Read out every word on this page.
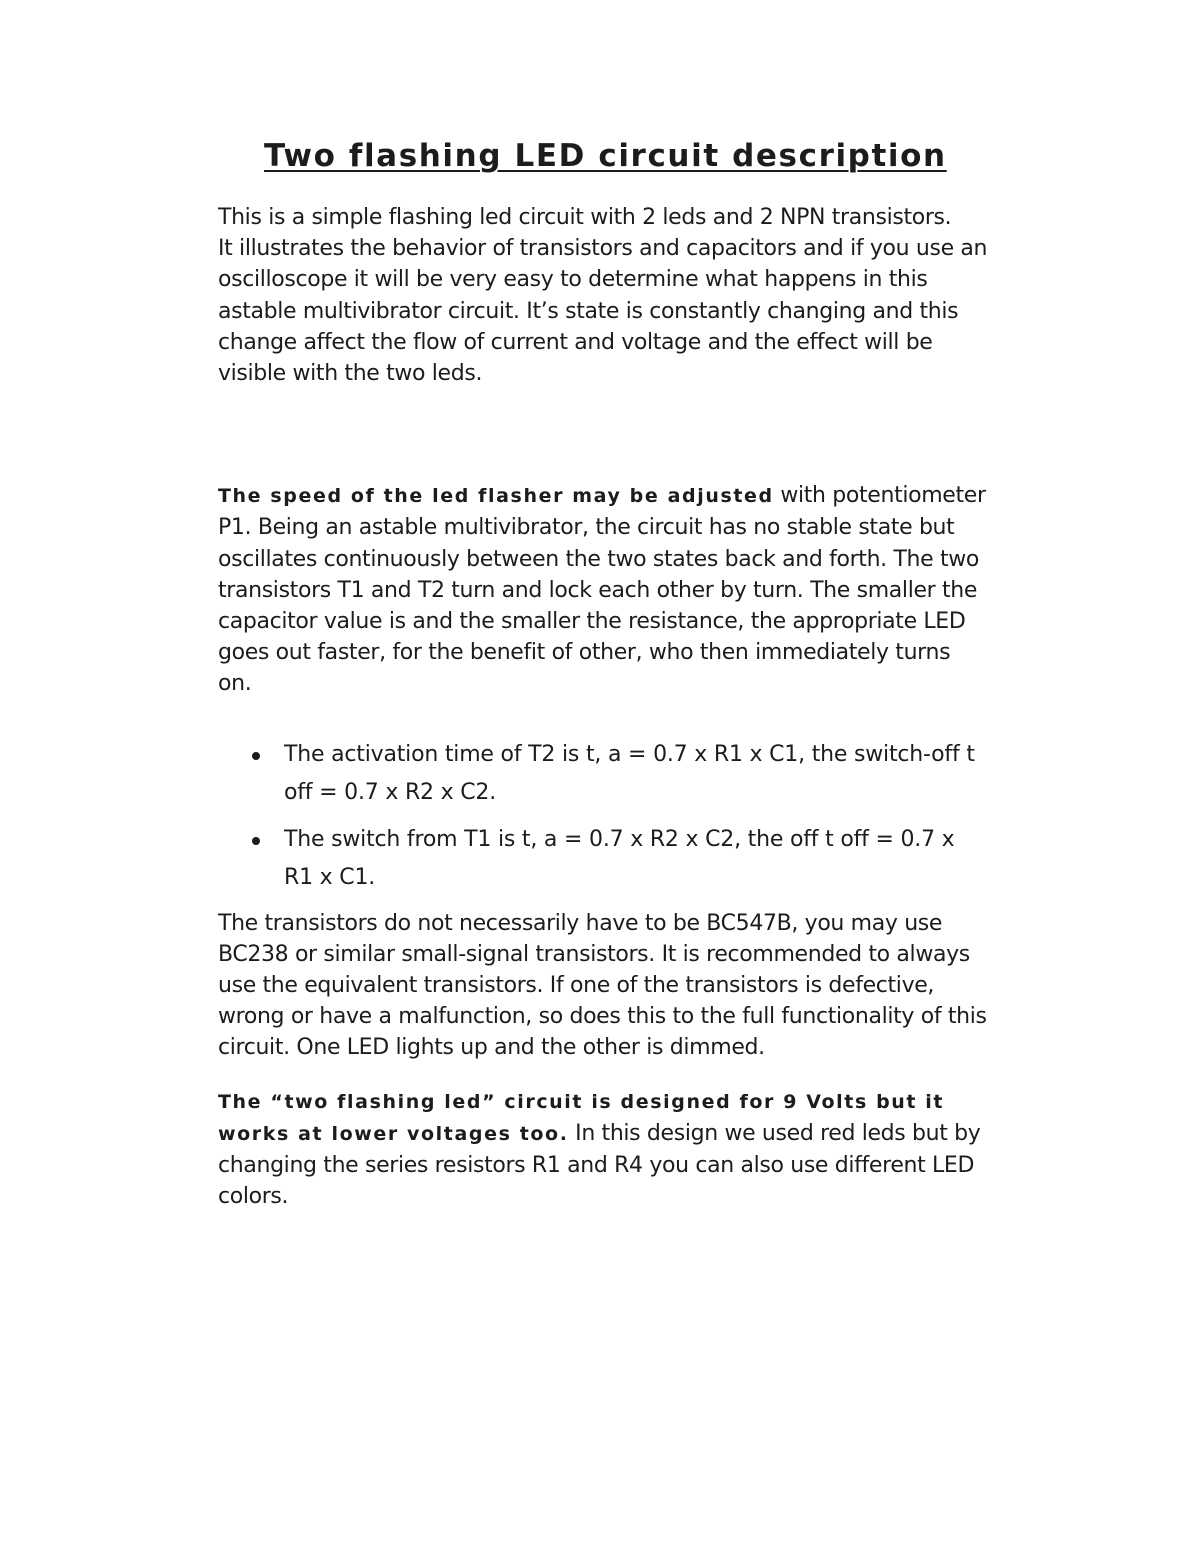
Two flashing LED circuit description

This is a simple flashing led circuit with 2 leds and 2 NPN transistors.

It illustrates the behavior of transistors and capacitors and if you use an oscilloscope it will be very easy to determine what happens in this astable multivibrator circuit. It’s state is constantly changing and this change affect the flow of current and voltage and the effect will be visible with the two leds.

The speed of the led flasher may be adjusted with potentiometer P1. Being an astable multivibrator, the circuit has no stable state but oscillates continuously between the two states back and forth. The two transistors T1 and T2 turn and lock each other by turn. The smaller the capacitor value is and the smaller the resistance, the appropriate LED goes out faster, for the benefit of other, who then immediately turns on.

The activation time of T2 is t, a = 0.7 x R1 x C1, the switch-off t off = 0.7 x R2 x C2.
The switch from T1 is t, a = 0.7 x R2 x C2, the off t off = 0.7 x R1 x C1.

The transistors do not necessarily have to be BC547B, you may use BC238 or similar small-signal transistors. It is recommended to always use the equivalent transistors. If one of the transistors is defective, wrong or have a malfunction, so does this to the full functionality of this circuit. One LED lights up and the other is dimmed.

The “two flashing led” circuit is designed for 9 Volts but it works at lower voltages too. In this design we used red leds but by changing the series resistors R1 and R4 you can also use different LED colors.
